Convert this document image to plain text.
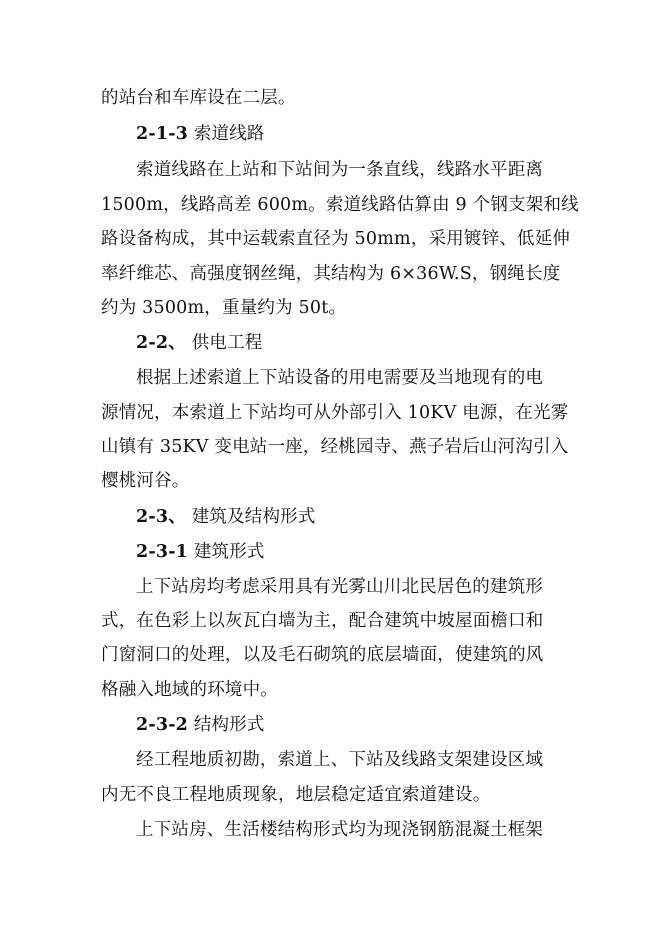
的站台和车库设在二层。
2-1-3 索道线路
索道线路在上站和下站间为一条直线，线路水平距离
1500m，线路高差 600m。索道线路估算由 9 个钢支架和线
路设备构成，其中运载索直径为 50mm，采用镀锌、低延伸
率纤维芯、高强度钢丝绳，其结构为 6×36W.S，钢绳长度
约为 3500m，重量约为 50t。
2-2、 供电工程
根据上述索道上下站设备的用电需要及当地现有的电
源情况，本索道上下站均可从外部引入 10KV 电源，在光雾
山镇有 35KV 变电站一座，经桃园寺、燕子岩后山河沟引入
樱桃河谷。
2-3、 建筑及结构形式
2-3-1 建筑形式
上下站房均考虑采用具有光雾山川北民居色的建筑形
式，在色彩上以灰瓦白墙为主，配合建筑中坡屋面檐口和
门窗洞口的处理，以及毛石砌筑的底层墙面，使建筑的风
格融入地域的环境中。
2-3-2 结构形式
经工程地质初勘，索道上、下站及线路支架建设区域
内无不良工程地质现象，地层稳定适宜索道建设。
上下站房、生活楼结构形式均为现浇钢筋混凝土框架
